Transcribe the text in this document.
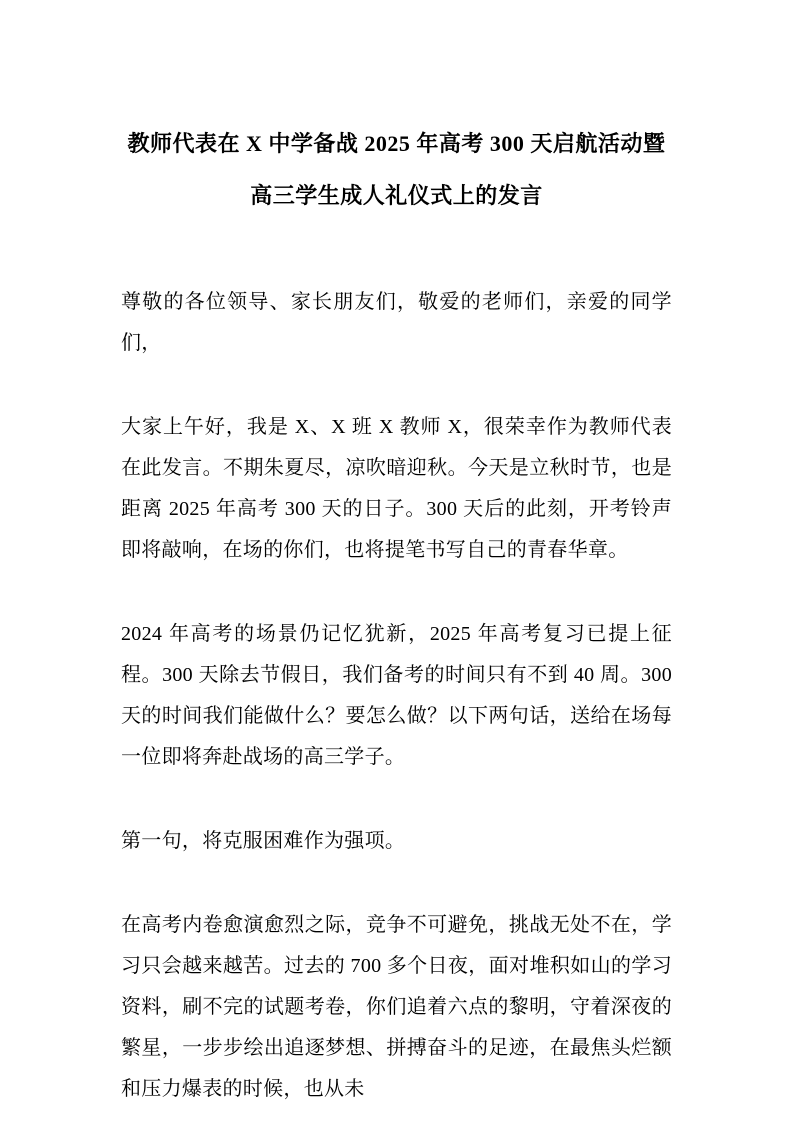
教师代表在 X 中学备战 2025 年高考 300 天启航活动暨高三学生成人礼仪式上的发言

尊敬的各位领导、家长朋友们，敬爱的老师们，亲爱的同学们，

大家上午好，我是 X、X 班 X 教师 X，很荣幸作为教师代表在此发言。不期朱夏尽，凉吹暗迎秋。今天是立秋时节，也是距离 2025 年高考 300 天的日子。300 天后的此刻，开考铃声即将敲响，在场的你们，也将提笔书写自己的青春华章。

2024 年高考的场景仍记忆犹新，2025 年高考复习已提上征程。300 天除去节假日，我们备考的时间只有不到 40 周。300 天的时间我们能做什么？要怎么做？以下两句话，送给在场每一位即将奔赴战场的高三学子。

第一句，将克服困难作为强项。

在高考内卷愈演愈烈之际，竞争不可避免，挑战无处不在，学习只会越来越苦。过去的 700 多个日夜，面对堆积如山的学习资料，刷不完的试题考卷，你们追着六点的黎明，守着深夜的繁星，一步步绘出追逐梦想、拼搏奋斗的足迹，在最焦头烂额和压力爆表的时候，也从未
